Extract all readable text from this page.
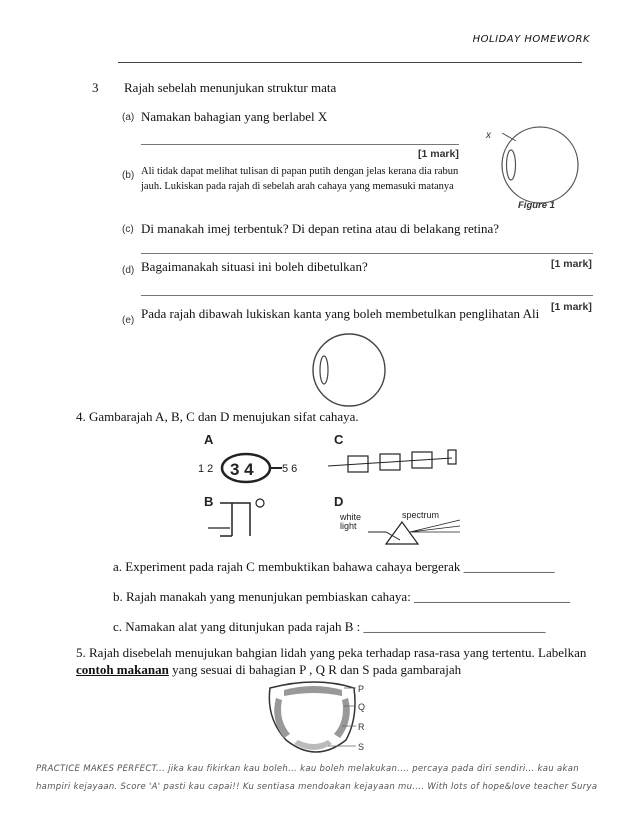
HOLIDAY HOMEWORK
3 Rajah sebelah menunjukan struktur mata
(a) Namakan bahagian yang berlabel X
[1 mark]
x
Figure 1
(b) Ali tidak dapat melihat tulisan di papan putih dengan jelas kerana dia rabun
jauh. Lukiskan pada rajah di sebelah arah cahaya yang memasuki matanya
(c) Di manakah imej terbentuk? Di depan retina atau di belakang retina?
[1 mark]
(d) Bagaimanakah situasi ini boleh dibetulkan?
[1 mark]
(e) Pada rajah dibawah lukiskan kanta yang boleh membetulkan penglihatan Ali
4. Gambarajah A, B, C dan D menujukan sifat cahaya.
A
1 2 3 4	5 6
B
C
D
white
light
spectrum
a. Experiment pada rajah C membuktikan bahawa cahaya bergerak ______________
b. Rajah manakah yang menunjukan pembiaskan cahaya: ________________________
c. Namakan alat yang ditunjukan pada rajah B : ____________________________
5. Rajah disebelah menujukan bahgian lidah yang peka terhadap rasa-rasa yang tertentu. Labelkan
contoh makanan yang sesuai di bahagian P , Q R dan S pada gambarajah
P
Q
R
S
PRACTICE MAKES PERFECT... jika kau fikirkan kau boleh... kau boleh melakukan.... percaya pada diri sendiri... kau akan
hampiri kejayaan. Score 'A' pasti kau capai!! Ku sentiasa mendoakan kejayaan mu.... With lots of hope&love teacher Surya
